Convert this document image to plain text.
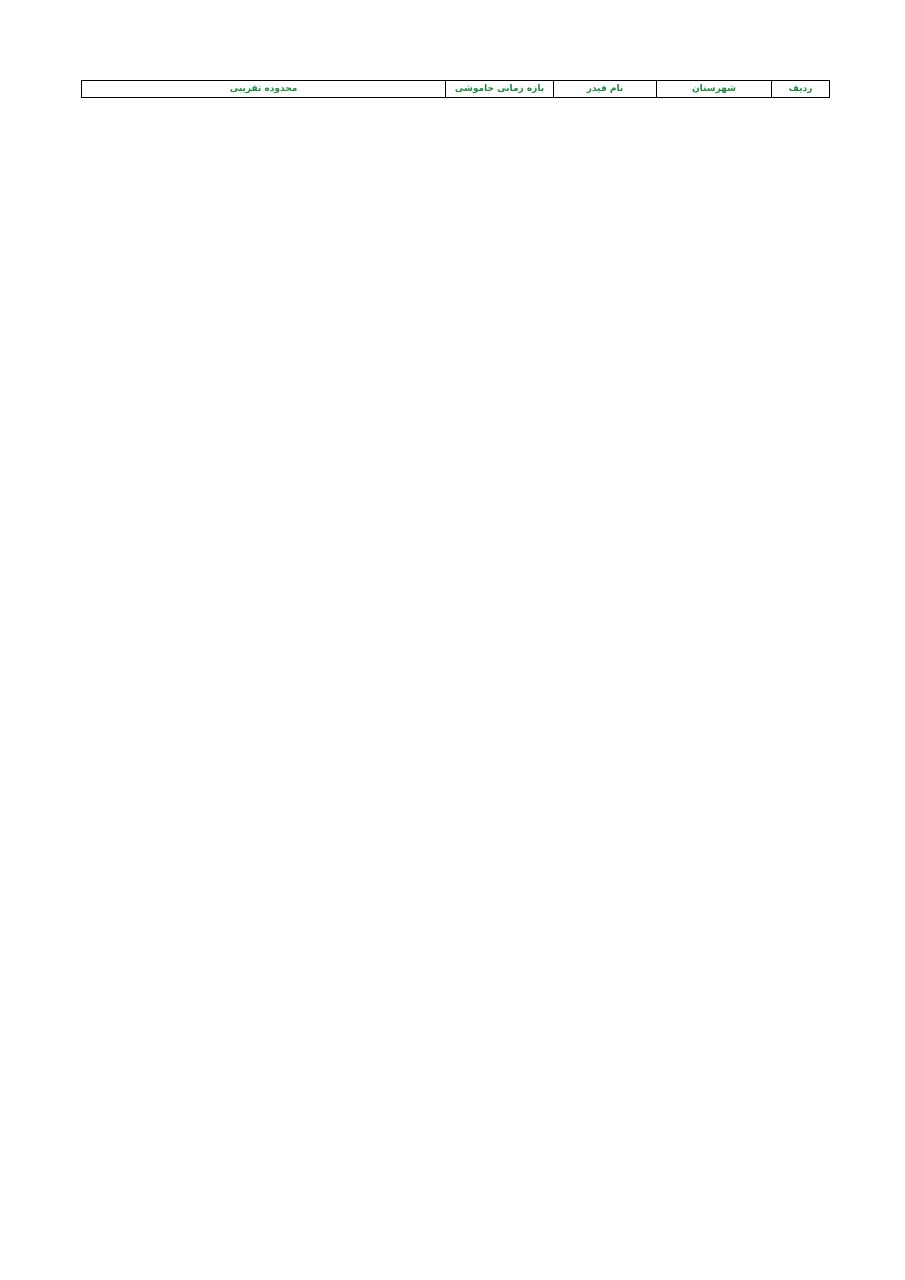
ردیف	شهرستان	نام فیدر	بازه زمانی خاموشی	محدوده تقریبی
